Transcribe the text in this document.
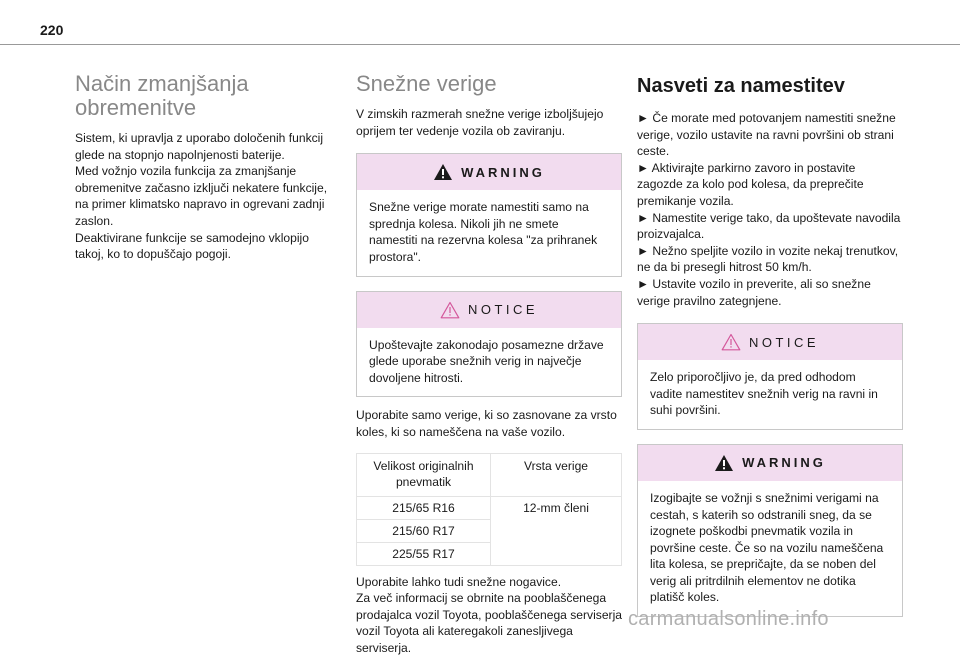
220
Način zmanjšanja
obremenitve

Sistem, ki upravlja z uporabo določenih funkcij glede na stopnjo napolnjenosti baterije.
Med vožnjo vozila funkcija za zmanjšanje obremenitve začasno izključi nekatere funkcije, na primer klimatsko napravo in ogrevani zadnji zaslon.
Deaktivirane funkcije se samodejno vklopijo takoj, ko to dopuščajo pogoji.

Snežne verige

V zimskih razmerah snežne verige izboljšujejo oprijem ter vedenje vozila ob zaviranju.

WARNING
Snežne verige morate namestiti samo na sprednja kolesa. Nikoli jih ne smete namestiti na rezervna kolesa "za prihranek prostora".
NOTICE
Upoštevajte zakonodajo posamezne države glede uporabe snežnih verig in največje dovoljene hitrosti.

Uporabite samo verige, ki so zasnovane za vrsto koles, ki so nameščena na vaše vozilo.

Velikost originalnih pnevmatik	Vrsta verige
215/65 R16	12-mm členi
215/60 R17	
225/55 R17	

Uporabite lahko tudi snežne nogavice.
Za več informacij se obrnite na pooblaščenega prodajalca vozil Toyota, pooblaščenega serviserja vozil Toyota ali kateregakoli zanesljivega serviserja.

Nasveti za namestitev

► Če morate med potovanjem namestiti snežne verige, vozilo ustavite na ravni površini ob strani ceste.
► Aktivirajte parkirno zavoro in postavite zagozde za kolo pod kolesa, da preprečite premikanje vozila.
► Namestite verige tako, da upoštevate navodila proizvajalca.
► Nežno speljite vozilo in vozite nekaj trenutkov, ne da bi presegli hitrost 50 km/h.
► Ustavite vozilo in preverite, ali so snežne verige pravilno zategnjene.

NOTICE
Zelo priporočljivo je, da pred odhodom vadite namestitev snežnih verig na ravni in suhi površini.
WARNING
Izogibajte se vožnji s snežnimi verigami na cestah, s katerih so odstranili sneg, da se izognete poškodbi pnevmatik vozila in površine ceste. Če so na vozilu nameščena lita kolesa, se prepričajte, da se noben del verig ali pritrdilnih elementov ne dotika platišč koles.
carmanualsonline.info
